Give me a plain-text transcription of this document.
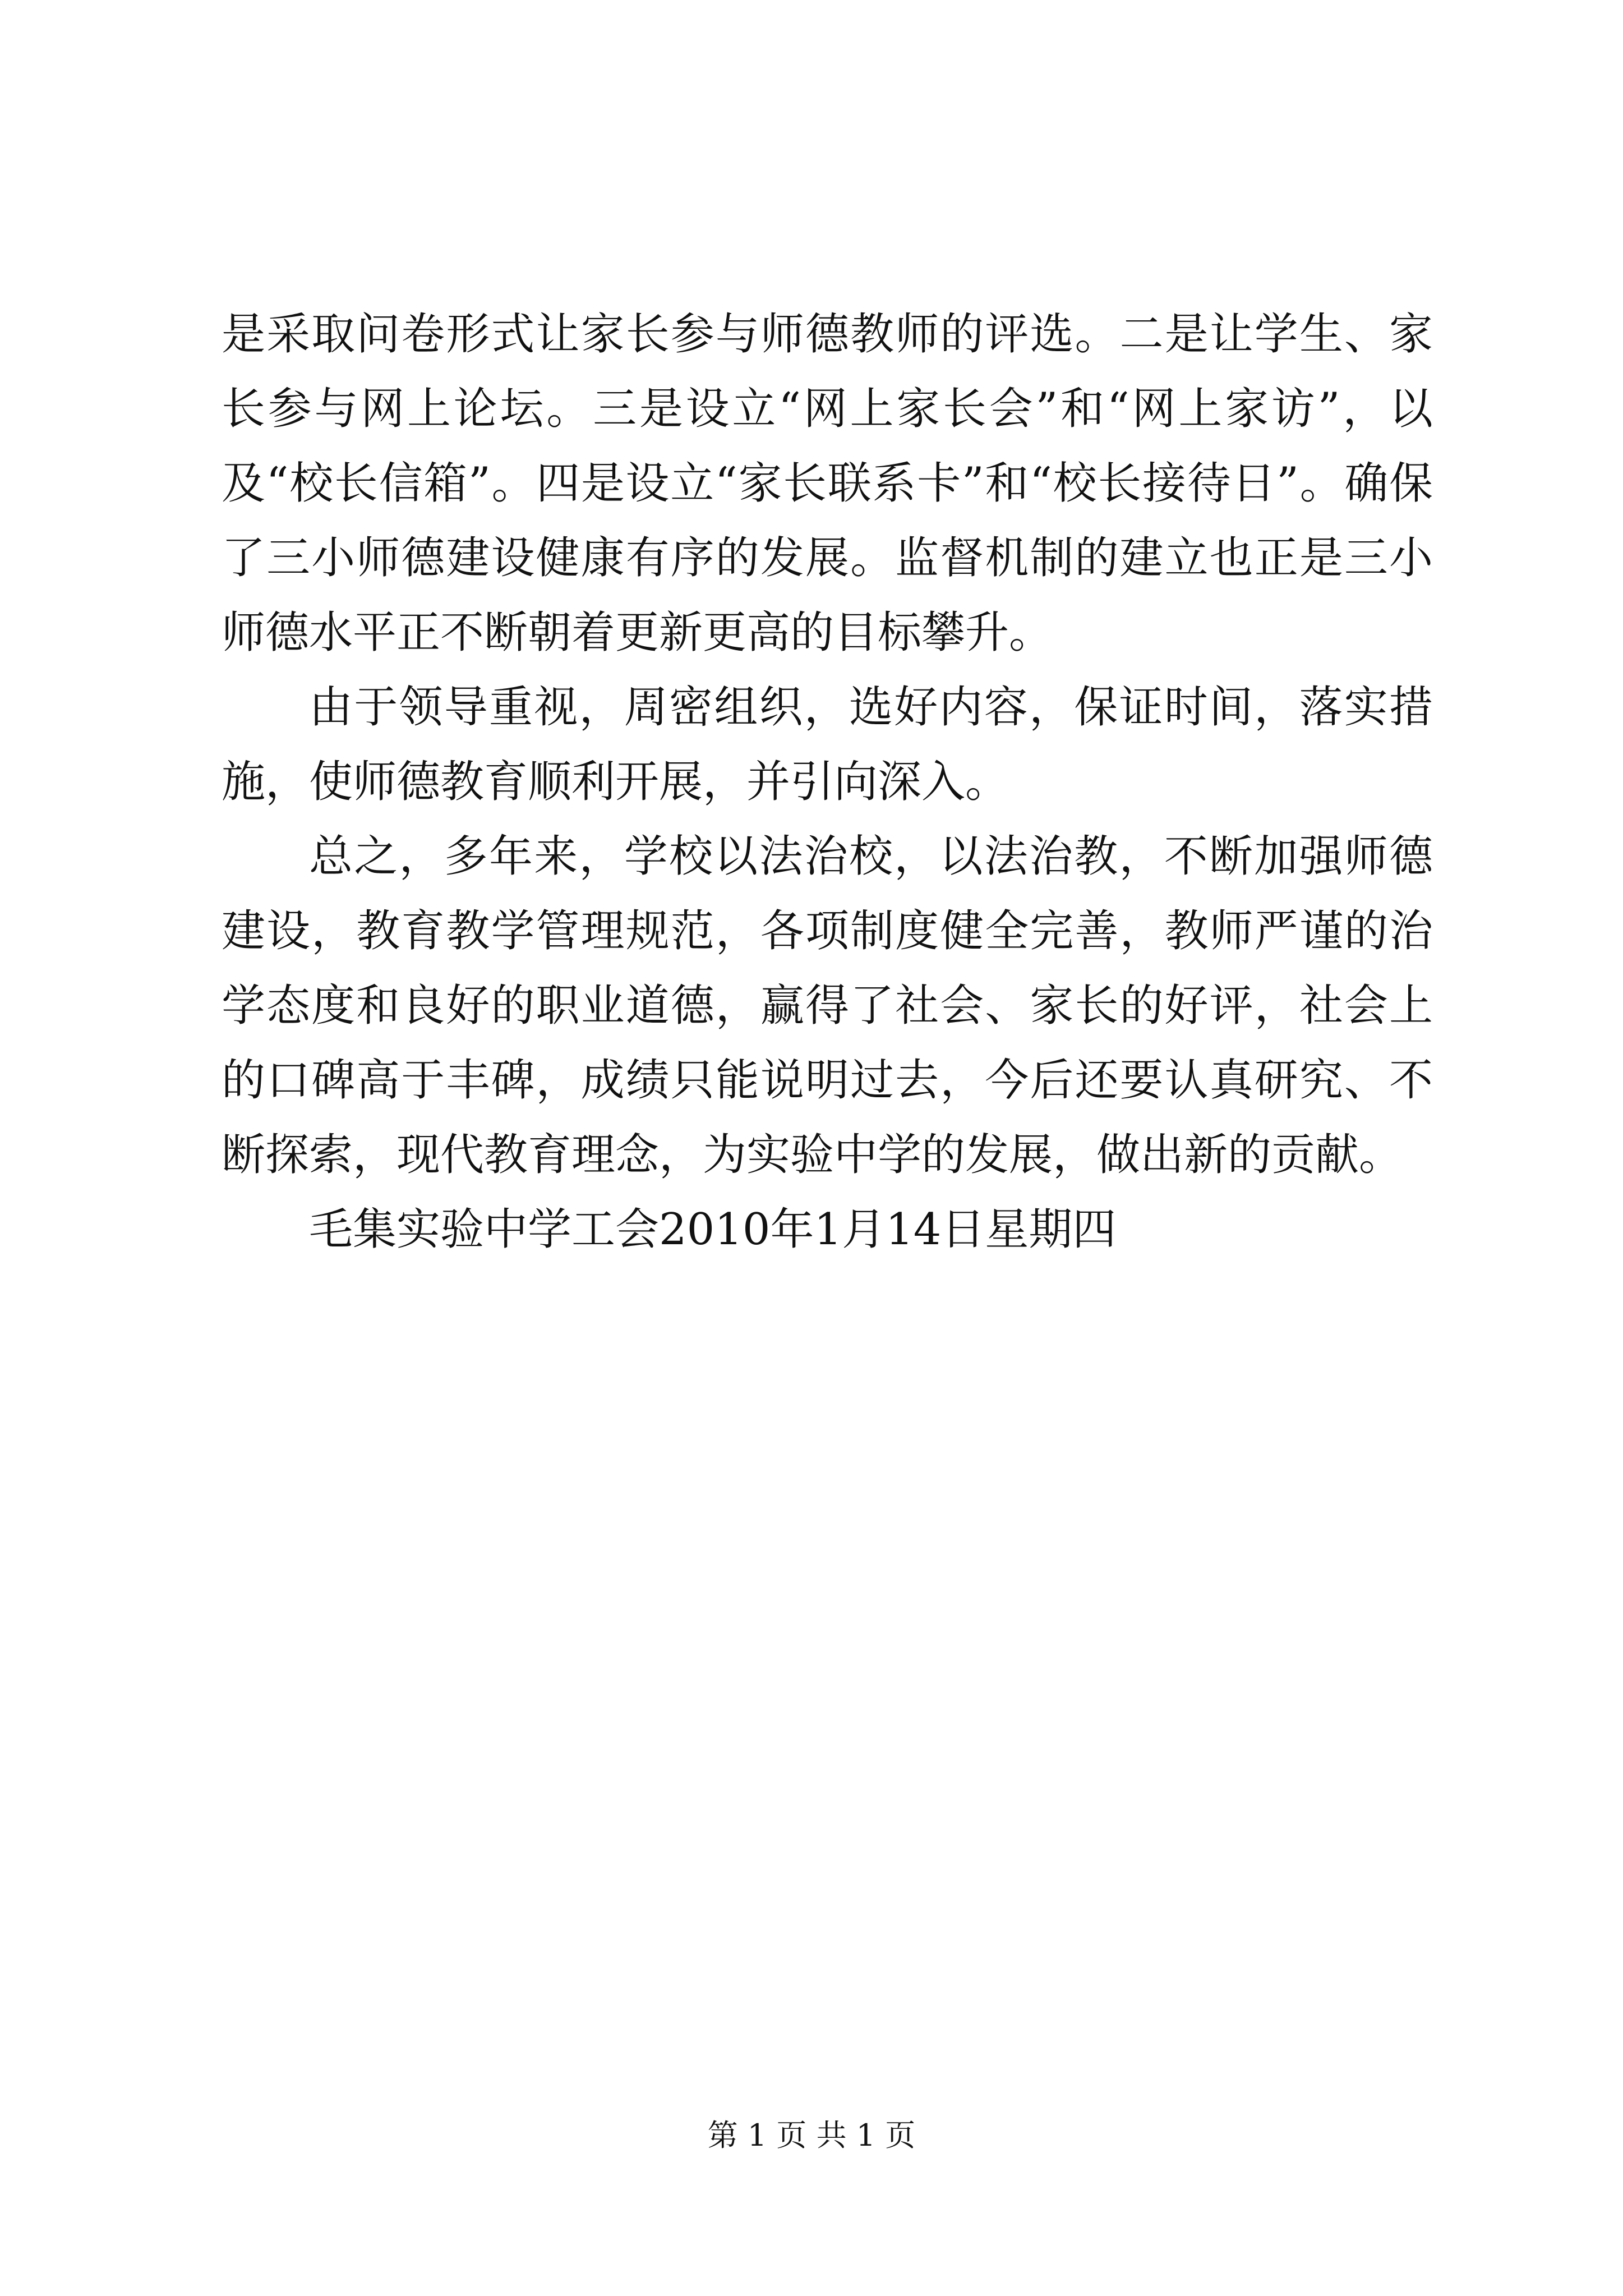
是采取问卷形式让家长参与师德教师的评选。二是让学生、家长参与网上论坛。三是设立“网上家长会”和“网上家访”，以及“校长信箱”。四是设立“家长联系卡”和“校长接待日”。确保了三小师德建设健康有序的发展。监督机制的建立也正是三小师德水平正不断朝着更新更高的目标攀升。

由于领导重视，周密组织，选好内容，保证时间，落实措施，使师德教育顺利开展，并引向深入。

总之，多年来，学校以法治校，以法治教，不断加强师德建设，教育教学管理规范，各项制度健全完善，教师严谨的治学态度和良好的职业道德，赢得了社会、家长的好评，社会上的口碑高于丰碑，成绩只能说明过去，今后还要认真研究、不断探索，现代教育理念，为实验中学的发展，做出新的贡献。

毛集实验中学工会2010年1月14日星期四

第 1 页 共 1 页
